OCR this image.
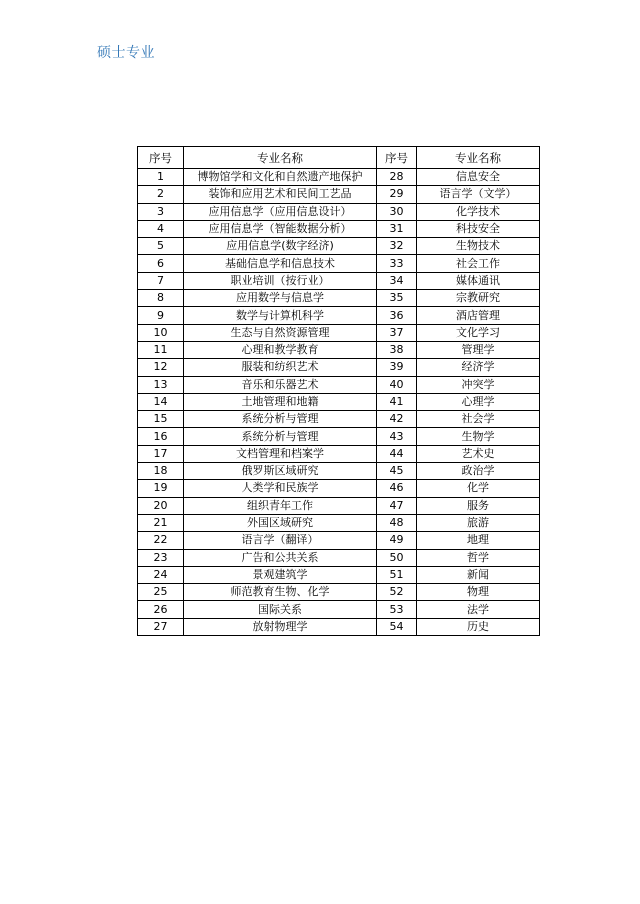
硕士专业
序号	专业名称	序号	专业名称
1	博物馆学和文化和自然遗产地保护	28	信息安全
2	装饰和应用艺术和民间工艺品	29	语言学（文学）
3	应用信息学（应用信息设计）	30	化学技术
4	应用信息学（智能数据分析）	31	科技安全
5	应用信息学(数字经济)	32	生物技术
6	基础信息学和信息技术	33	社会工作
7	职业培训（按行业）	34	媒体通讯
8	应用数学与信息学	35	宗教研究
9	数学与计算机科学	36	酒店管理
10	生态与自然资源管理	37	文化学习
11	心理和教学教育	38	管理学
12	服装和纺织艺术	39	经济学
13	音乐和乐器艺术	40	冲突学
14	土地管理和地籍	41	心理学
15	系统分析与管理	42	社会学
16	系统分析与管理	43	生物学
17	文档管理和档案学	44	艺术史
18	俄罗斯区域研究	45	政治学
19	人类学和民族学	46	化学
20	组织青年工作	47	服务
21	外国区域研究	48	旅游
22	语言学（翻译）	49	地理
23	广告和公共关系	50	哲学
24	景观建筑学	51	新闻
25	师范教育生物、化学	52	物理
26	国际关系	53	法学
27	放射物理学	54	历史
